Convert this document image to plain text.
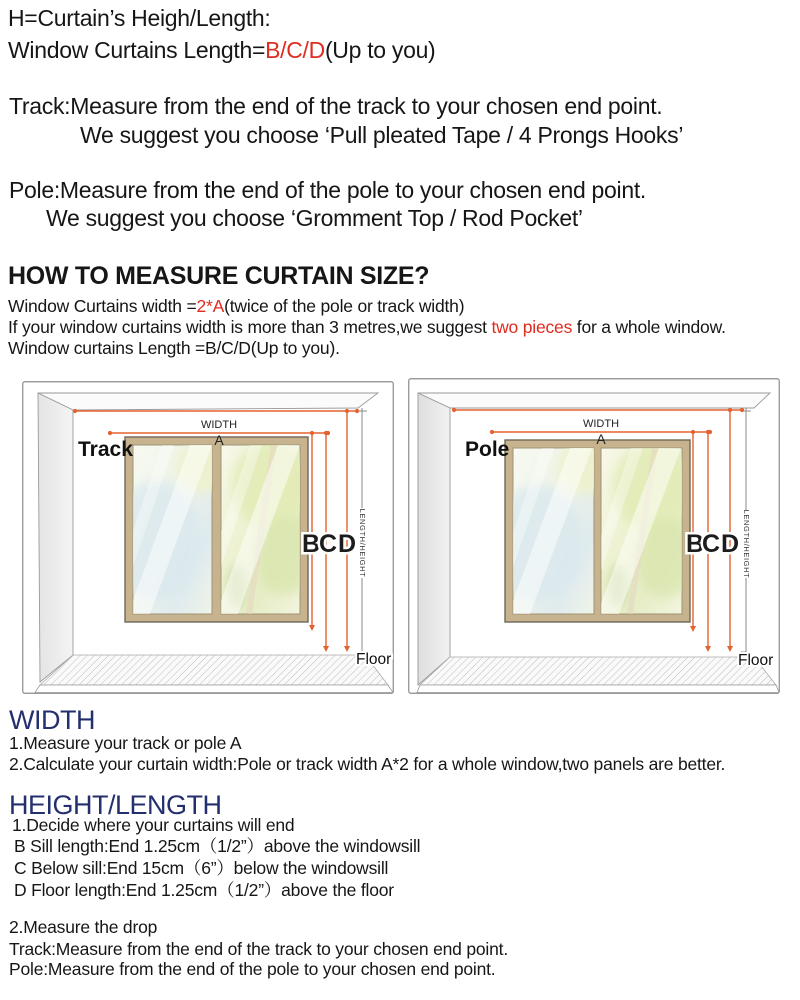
H=Curtain’s Heigh/Length:
Window Curtains Length=B/C/D(Up to you)
Track:Measure from the end of the track to your chosen end point.
We suggest you choose ‘Pull pleated Tape / 4 Prongs Hooks’
Pole:Measure from the end of the pole to your chosen end point.
We suggest you choose ‘Gromment Top / Rod Pocket’
HOW TO MEASURE CURTAIN SIZE?
Window Curtains width =2*A(twice of the pole or track width)
If your window curtains width is more than 3 metres,we suggest two pieces for a whole window.
Window curtains Length =B/C/D(Up to you).
Track
WIDTH
A
B
C D LENGTH/HEIGHT
Floor
Pole
WIDTH
A
B
C D LENGTH/HEIGHT
Floor
WIDTH
1.Measure your track or pole A
2.Calculate your curtain width:Pole or track width A*2 for a whole window,two panels are better.
HEIGHT/LENGTH
1.Decide where your curtains will end
B Sill length:End 1.25cm（1/2”）above the windowsill
C Below sill:End 15cm（6”）below the windowsill
D Floor length:End 1.25cm（1/2”）above the floor
2.Measure the drop
Track:Measure from the end of the track to your chosen end point.
Pole:Measure from the end of the pole to your chosen end point.
